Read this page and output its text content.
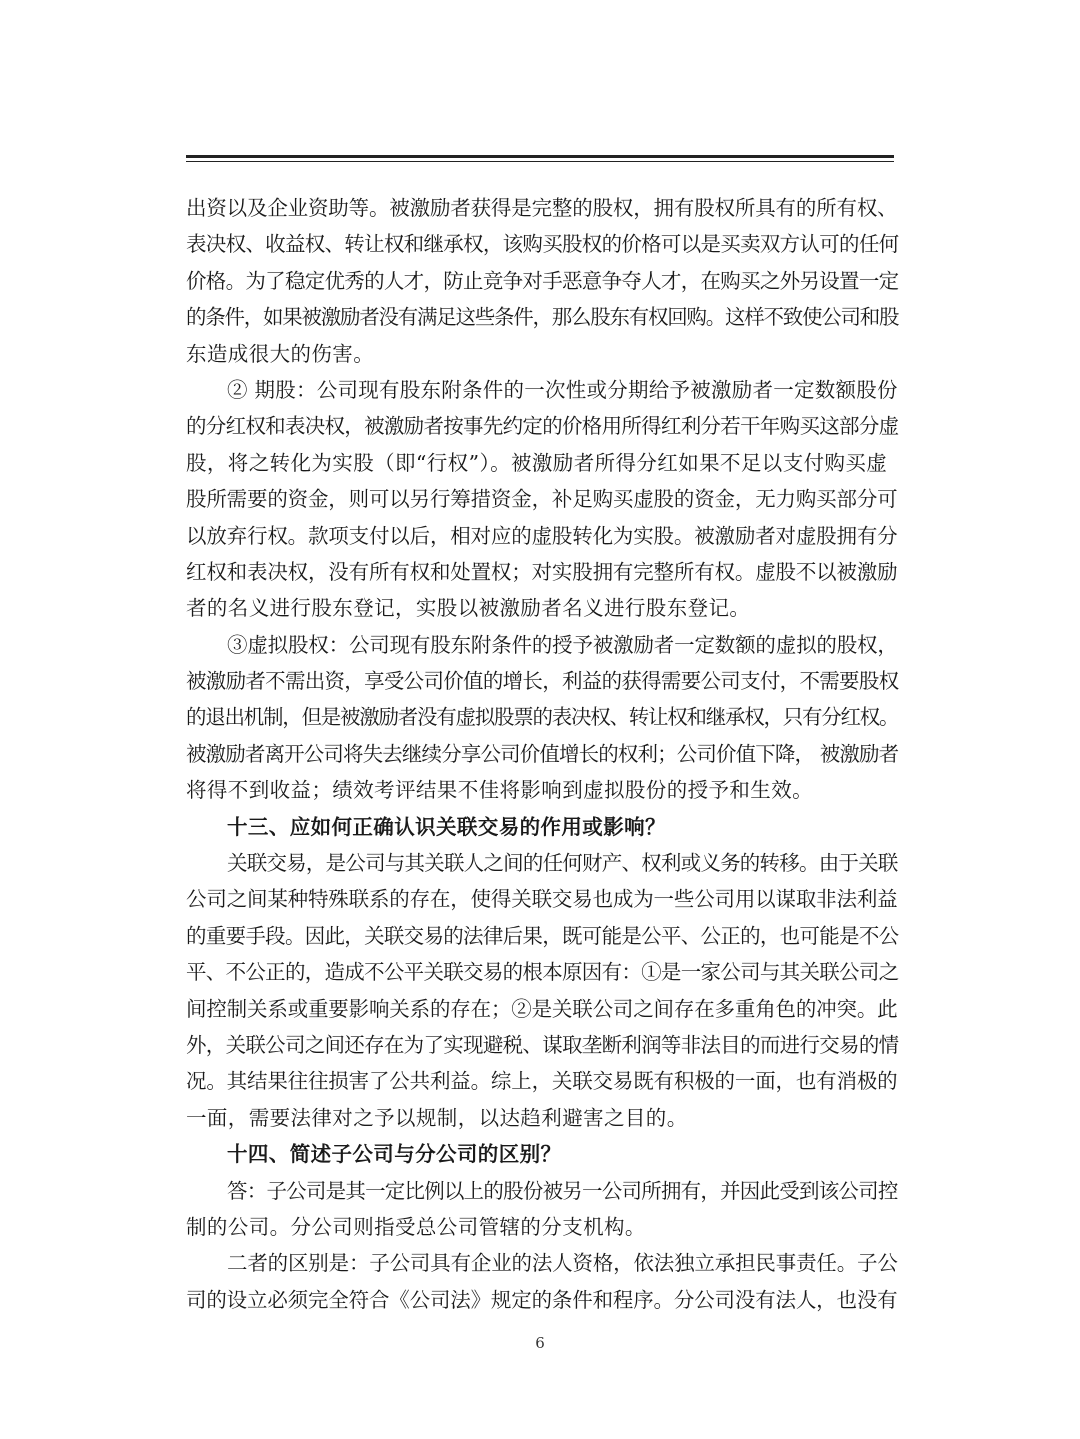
出资以及企业资助等。被激励者获得是完整的股权，拥有股权所具有的所有权、
表决权、收益权、转让权和继承权，该购买股权的价格可以是买卖双方认可的任何
价格。为了稳定优秀的人才，防止竞争对手恶意争夺人才，在购买之外另设置一定
的条件，如果被激励者没有满足这些条件，那么股东有权回购。这样不致使公司和股
东造成很大的伤害。
② 期股：公司现有股东附条件的一次性或分期给予被激励者一定数额股份
的分红权和表决权，被激励者按事先约定的价格用所得红利分若干年购买这部分虚
股，将之转化为实股（即“行权”）。被激励者所得分红如果不足以支付购买虚
股所需要的资金，则可以另行筹措资金，补足购买虚股的资金，无力购买部分可
以放弃行权。款项支付以后，相对应的虚股转化为实股。被激励者对虚股拥有分
红权和表决权，没有所有权和处置权；对实股拥有完整所有权。虚股不以被激励
者的名义进行股东登记，实股以被激励者名义进行股东登记。
③虚拟股权：公司现有股东附条件的授予被激励者一定数额的虚拟的股权，
被激励者不需出资，享受公司价值的增长，利益的获得需要公司支付，不需要股权
的退出机制，但是被激励者没有虚拟股票的表决权、转让权和继承权，只有分红权。
被激励者离开公司将失去继续分享公司价值增长的权利；公司价值下降， 被激励者
将得不到收益；绩效考评结果不佳将影响到虚拟股份的授予和生效。
十三、应如何正确认识关联交易的作用或影响？
关联交易，是公司与其关联人之间的任何财产、权利或义务的转移。由于关联
公司之间某种特殊联系的存在，使得关联交易也成为一些公司用以谋取非法利益
的重要手段。因此，关联交易的法律后果，既可能是公平、公正的，也可能是不公
平、不公正的，造成不公平关联交易的根本原因有：①是一家公司与其关联公司之
间控制关系或重要影响关系的存在；②是关联公司之间存在多重角色的冲突。此
外，关联公司之间还存在为了实现避税、谋取垄断利润等非法目的而进行交易的情
况。其结果往往损害了公共利益。综上，关联交易既有积极的一面，也有消极的
一面，需要法律对之予以规制，以达趋利避害之目的。
十四、简述子公司与分公司的区别？
答：子公司是其一定比例以上的股份被另一公司所拥有，并因此受到该公司控
制的公司。分公司则指受总公司管辖的分支机构。
二者的区别是：子公司具有企业的法人资格，依法独立承担民事责任。子公
司的设立必须完全符合《公司法》规定的条件和程序。分公司没有法人，也没有
6
